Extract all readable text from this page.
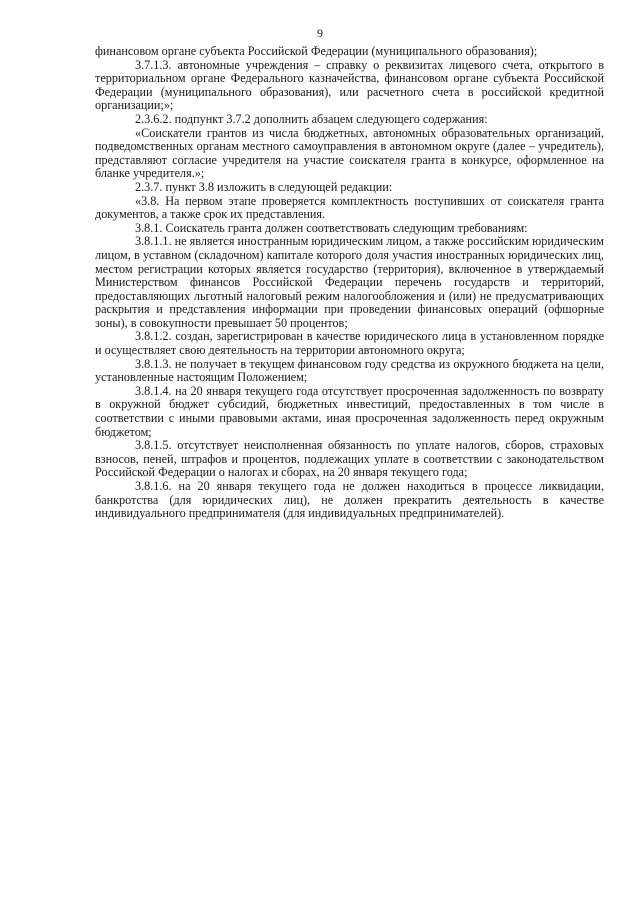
9

финансовом органе субъекта Российской Федерации (муниципального образования);

3.7.1.3. автономные учреждения – справку о реквизитах лицевого счета, открытого в территориальном органе Федерального казначейства, финансовом органе субъекта Российской Федерации (муниципального образования), или расчетного счета в российской кредитной организации;»;

2.3.6.2. подпункт 3.7.2 дополнить абзацем следующего содержания:

«Соискатели грантов из числа бюджетных, автономных образовательных организаций, подведомственных органам местного самоуправления в автономном округе (далее – учредитель), представляют согласие учредителя на участие соискателя гранта в конкурсе, оформленное на бланке учредителя.»;

2.3.7. пункт 3.8 изложить в следующей редакции:

«3.8. На первом этапе проверяется комплектность поступивших от соискателя гранта документов, а также срок их представления.

3.8.1. Соискатель гранта должен соответствовать следующим требованиям:

3.8.1.1. не является иностранным юридическим лицом, а также российским юридическим лицом, в уставном (складочном) капитале которого доля участия иностранных юридических лиц, местом регистрации которых является государство (территория), включенное в утверждаемый Министерством финансов Российской Федерации перечень государств и территорий, предоставляющих льготный налоговый режим налогообложения и (или) не предусматривающих раскрытия и представления информации при проведении финансовых операций (офшорные зоны), в совокупности превышает 50 процентов;

3.8.1.2. создан, зарегистрирован в качестве юридического лица в установленном порядке и осуществляет свою деятельность на территории автономного округа;

3.8.1.3. не получает в текущем финансовом году средства из окружного бюджета на цели, установленные настоящим Положением;

3.8.1.4. на 20 января текущего года отсутствует просроченная задолженность по возврату в окружной бюджет субсидий, бюджетных инвестиций, предоставленных в том числе в соответствии с иными правовыми актами, иная просроченная задолженность перед окружным бюджетом;

3.8.1.5. отсутствует неисполненная обязанность по уплате налогов, сборов, страховых взносов, пеней, штрафов и процентов, подлежащих уплате в соответствии с законодательством Российской Федерации о налогах и сборах, на 20 января текущего года;

3.8.1.6. на 20 января текущего года не должен находиться в процессе ликвидации, банкротства (для юридических лиц), не должен прекратить деятельность в качестве индивидуального предпринимателя (для индивидуальных предпринимателей).
